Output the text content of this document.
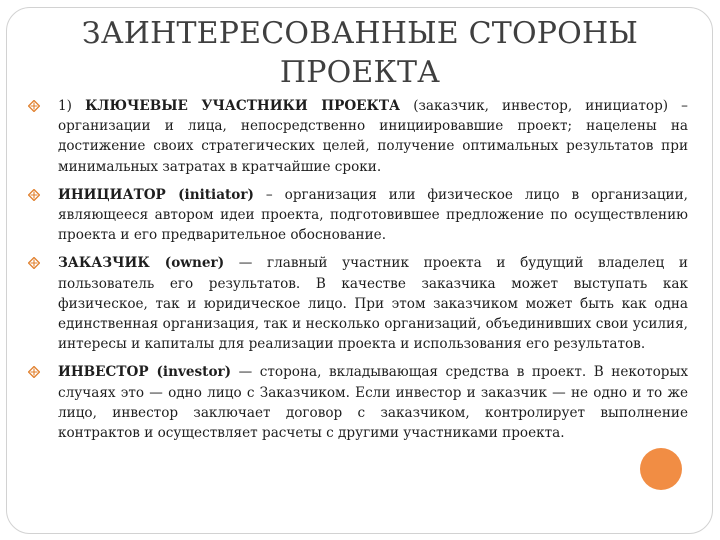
ЗАИНТЕРЕСОВАННЫЕ СТОРОНЫ
ПРОЕКТА
1) КЛЮЧЕВЫЕ УЧАСТНИКИ ПРОЕКТА (заказчик, инвестор, инициатор) – организации и лица, непосредственно инициировавшие проект; нацелены на достижение своих стратегических целей, получение оптимальных результатов при минимальных затратах в кратчайшие сроки.
ИНИЦИАТОР (initiator) – организация или физическое лицо в организации, являющееся автором идеи проекта, подготовившее предложение по осуществлению проекта и его предварительное обоснование.
ЗАКАЗЧИК (owner) — главный участник проекта и будущий владелец и пользователь его результатов. В качестве заказчика может выступать как физическое, так и юридическое лицо. При этом заказчиком может быть как одна единственная организация, так и несколько организаций, объединивших свои усилия, интересы и капиталы для реализации проекта и использования его результатов.
ИНВЕСТОР (investor) — сторона, вкладывающая средства в проект. В некоторых случаях это — одно лицо с Заказчиком. Если инвестор и заказчик — не одно и то же лицо, инвестор заключает договор с заказчиком, контролирует выполнение контрактов и осуществляет расчеты с другими участниками проекта.
